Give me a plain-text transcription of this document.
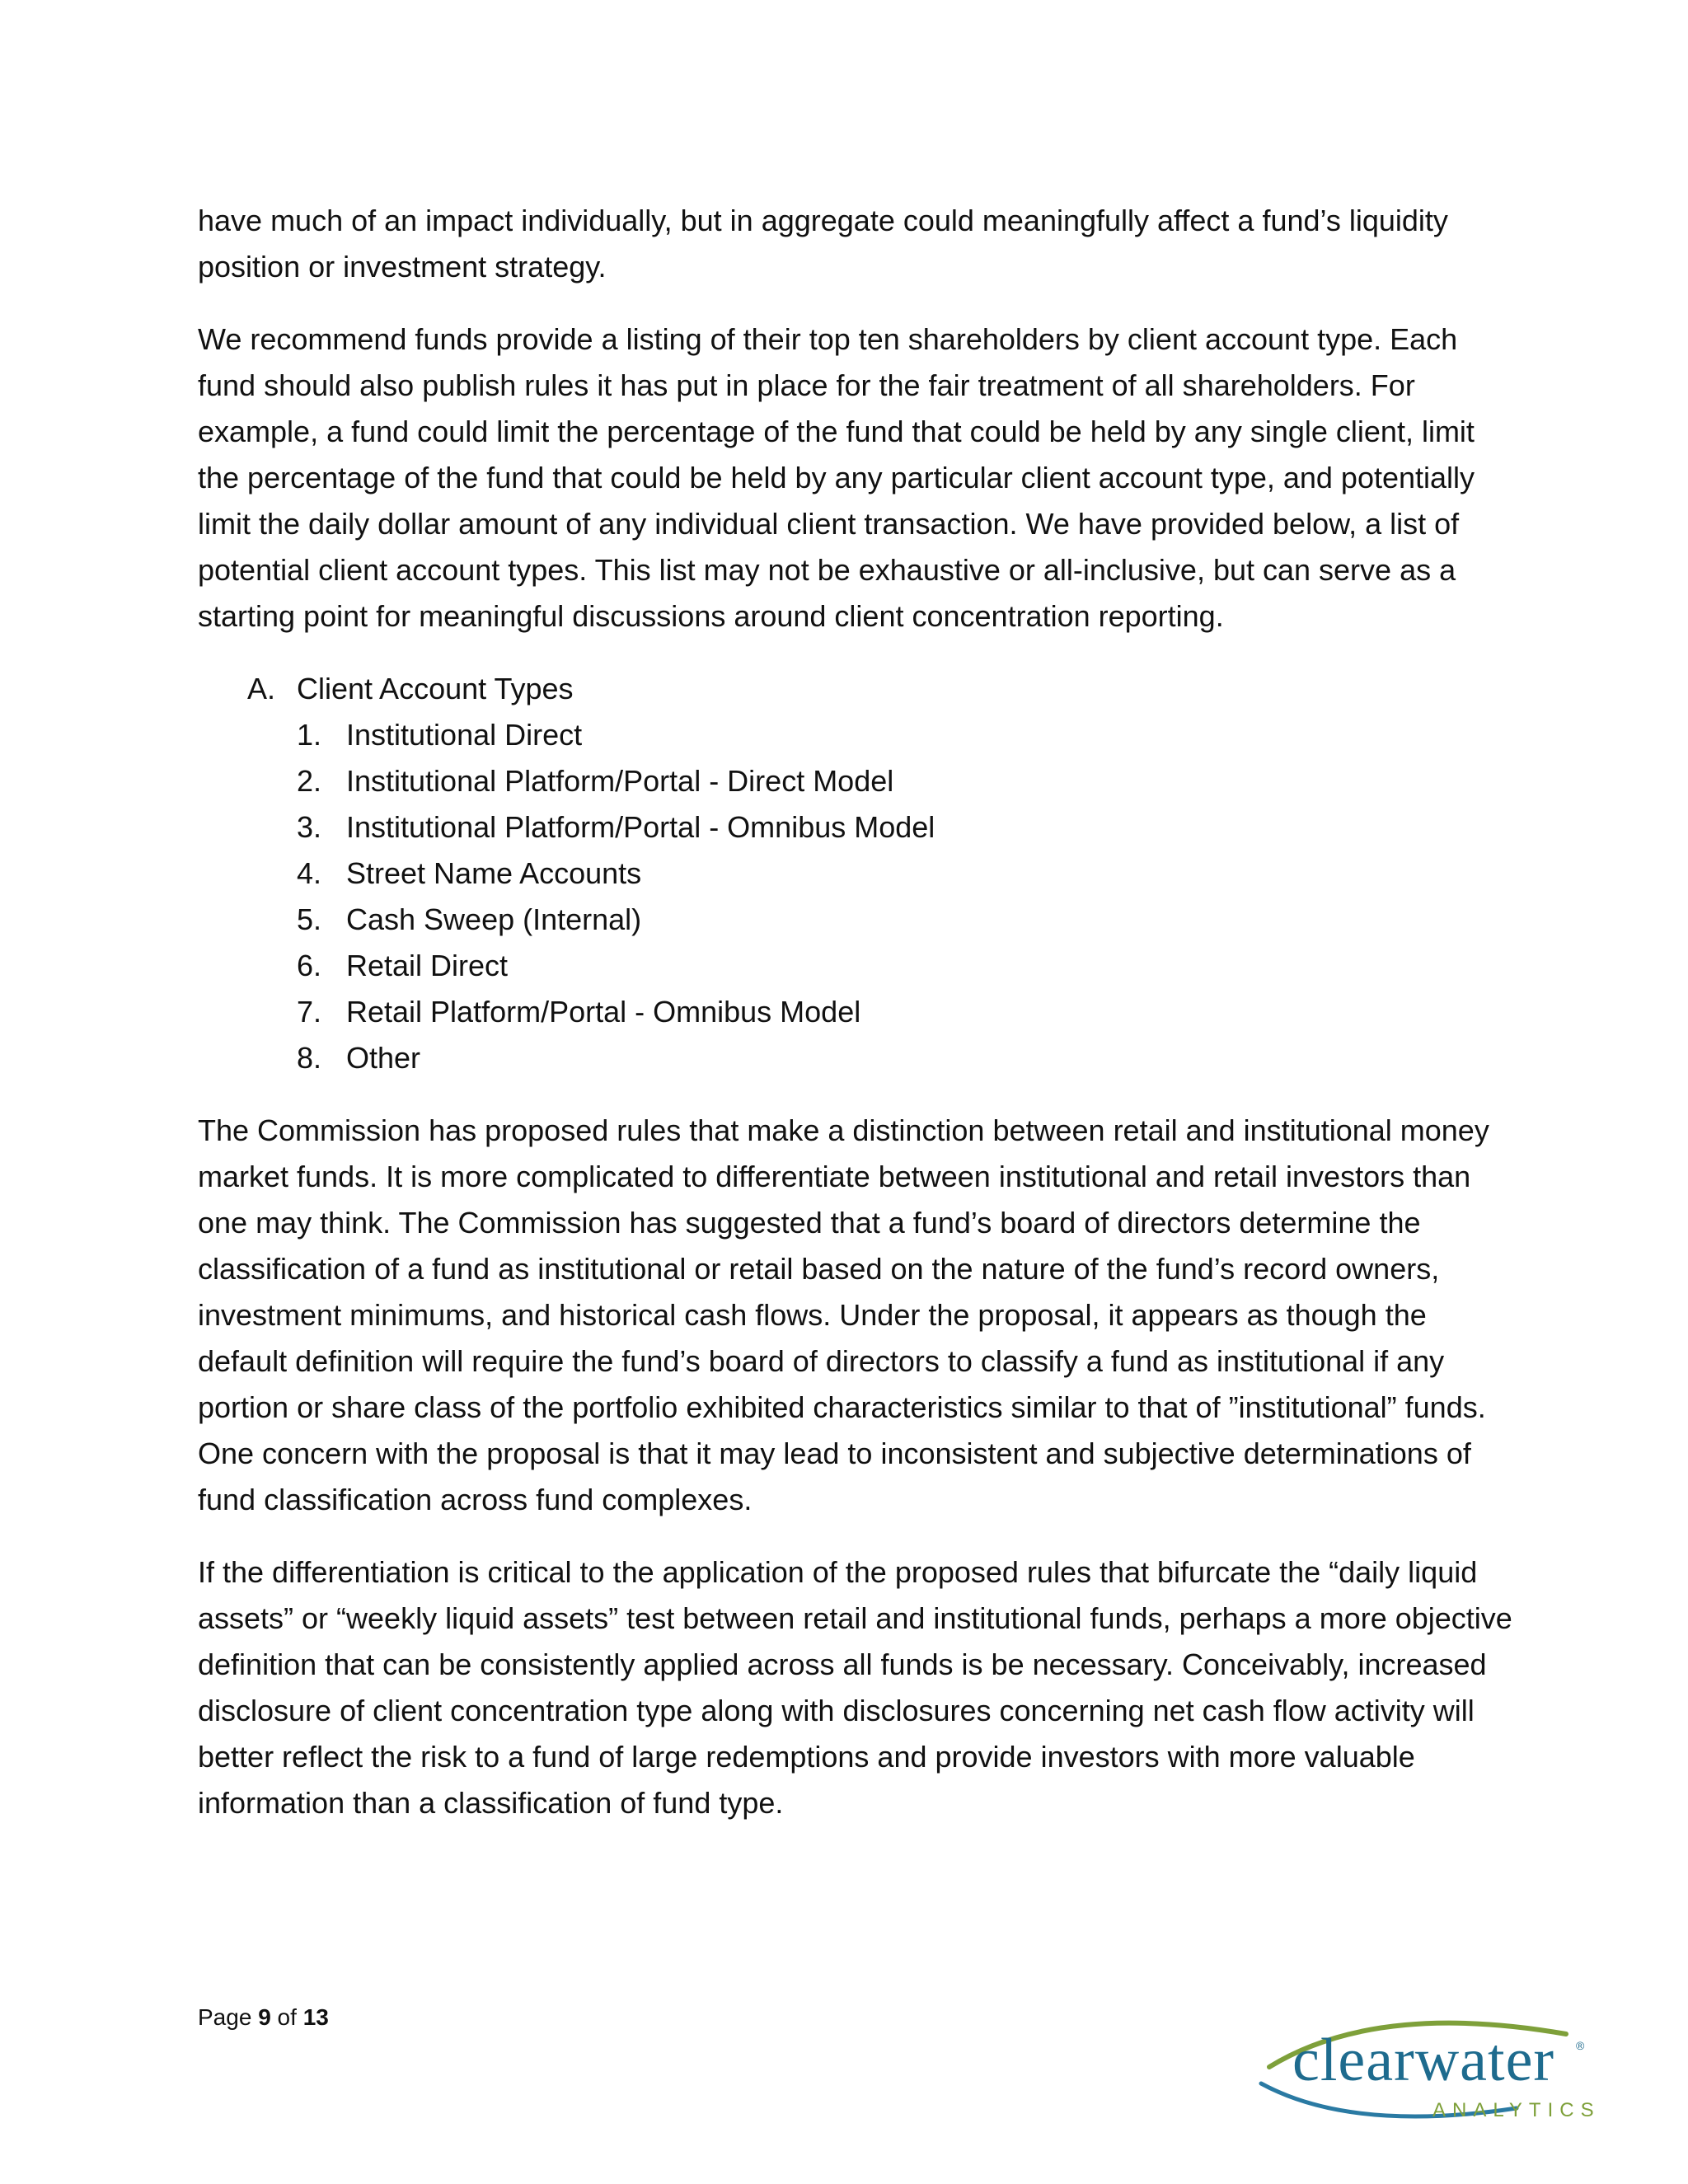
have much of an impact individually, but in aggregate could meaningfully affect a fund’s liquidity position or investment strategy.

We recommend funds provide a listing of their top ten shareholders by client account type. Each fund should also publish rules it has put in place for the fair treatment of all shareholders. For example, a fund could limit the percentage of the fund that could be held by any single client, limit the percentage of the fund that could be held by any particular client account type, and potentially limit the daily dollar amount of any individual client transaction. We have provided below, a list of potential client account types. This list may not be exhaustive or all-inclusive, but can serve as a starting point for meaningful discussions around client concentration reporting.

A. Client Account Types
1. Institutional Direct
2. Institutional Platform/Portal - Direct Model
3. Institutional Platform/Portal - Omnibus Model
4. Street Name Accounts
5. Cash Sweep (Internal)
6. Retail Direct
7. Retail Platform/Portal - Omnibus Model
8. Other

The Commission has proposed rules that make a distinction between retail and institutional money market funds. It is more complicated to differentiate between institutional and retail investors than one may think. The Commission has suggested that a fund’s board of directors determine the classification of a fund as institutional or retail based on the nature of the fund’s record owners, investment minimums, and historical cash flows. Under the proposal, it appears as though the default definition will require the fund’s board of directors to classify a fund as institutional if any portion or share class of the portfolio exhibited characteristics similar to that of ”institutional” funds. One concern with the proposal is that it may lead to inconsistent and subjective determinations of fund classification across fund complexes.

If the differentiation is critical to the application of the proposed rules that bifurcate the “daily liquid assets” or “weekly liquid assets” test between retail and institutional funds, perhaps a more objective definition that can be consistently applied across all funds is be necessary. Conceivably, increased disclosure of client concentration type along with disclosures concerning net cash flow activity will better reflect the risk to a fund of large redemptions and provide investors with more valuable information than a classification of fund type.

Page 9 of 13
clearwater ®
ANALYTICS
